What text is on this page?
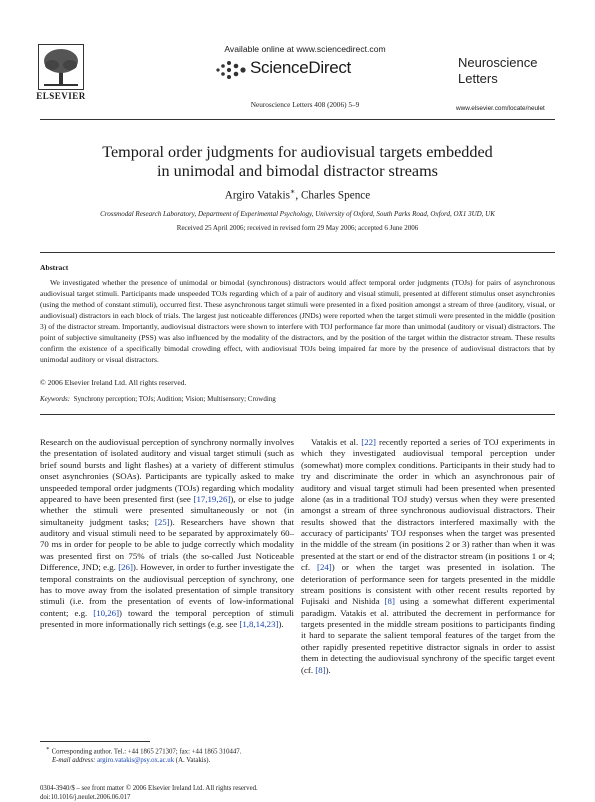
ELSEVIER
Available online at www.sciencedirect.com
ScienceDirect
Neuroscience Letters 408 (2006) 5–9
Neuroscience
Letters
www.elsevier.com/locate/neulet
Temporal order judgments for audiovisual targets embedded
in unimodal and bimodal distractor streams
Argiro Vatakis∗, Charles Spence
Crossmodal Research Laboratory, Department of Experimental Psychology, University of Oxford, South Parks Road, Oxford, OX1 3UD, UK
Received 25 April 2006; received in revised form 29 May 2006; accepted 6 June 2006
Abstract
We investigated whether the presence of unimodal or bimodal (synchronous) distractors would affect temporal order judgments (TOJs) for pairs of asynchronous audiovisual target stimuli. Participants made unspeeded TOJs regarding which of a pair of auditory and visual stimuli, presented at different stimulus onset asynchronies (using the method of constant stimuli), occurred first. These asynchronous target stimuli were presented in a fixed position amongst a stream of three (auditory, visual, or audiovisual) distractors in each block of trials. The largest just noticeable differences (JNDs) were reported when the target stimuli were presented in the middle (position 3) of the distractor stream. Importantly, audiovisual distractors were shown to interfere with TOJ performance far more than unimodal (auditory or visual) distractors. The point of subjective simultaneity (PSS) was also influenced by the modality of the distractors, and by the position of the target within the distractor stream. These results confirm the existence of a specifically bimodal crowding effect, with audiovisual TOJs being impaired far more by the presence of audiovisual distractors that by unimodal auditory or visual distractors.
© 2006 Elsevier Ireland Ltd. All rights reserved.
Keywords: Synchrony perception; TOJs; Audition; Vision; Multisensory; Crowding
Research on the audiovisual perception of synchrony normally involves the presentation of isolated auditory and visual target stimuli (such as brief sound bursts and light flashes) at a variety of different stimulus onset asynchronies (SOAs). Participants are typically asked to make unspeeded temporal order judgments (TOJs) regarding which modality appeared to have been presented first (see [17,19,26]), or else to judge whether the stimuli were presented simultaneously or not (in simultaneity judgment tasks; [25]). Researchers have shown that auditory and visual stimuli need to be separated by approximately 60–70 ms in order for people to be able to judge correctly which modality was presented first on 75% of trials (the so-called Just Noticeable Difference, JND; e.g. [26]). However, in order to further investigate the temporal constraints on the audiovisual perception of synchrony, one has to move away from the isolated presentation of simple transitory stimuli (i.e. from the presentation of events of low-informational content; e.g. [10,26]) toward the temporal perception of stimuli presented in more informationally rich settings (e.g. see [1,8,14,23]).
Vatakis et al. [22] recently reported a series of TOJ experiments in which they investigated audiovisual temporal perception under (somewhat) more complex conditions. Participants in their study had to try and discriminate the order in which an asynchronous pair of auditory and visual target stimuli had been presented when presented alone (as in a traditional TOJ study) versus when they were presented amongst a stream of three synchronous audiovisual distractors. Their results showed that the distractors interfered maximally with the accuracy of participants' TOJ responses when the target was presented in the middle of the stream (in positions 2 or 3) rather than when it was presented at the start or end of the distractor stream (in positions 1 or 4; cf. [24]) or when the target was presented in isolation. The deterioration of performance seen for targets presented in the middle stream positions is consistent with other recent results reported by Fujisaki and Nishida [8] using a somewhat different experimental paradigm. Vatakis et al. attributed the decrement in performance for targets presented in the middle stream positions to participants finding it hard to separate the salient temporal features of the target from the other rapidly presented repetitive distractor signals in order to assist them in detecting the audiovisual synchrony of the specific target event (cf. [8]).
∗ Corresponding author. Tel.: +44 1865 271307; fax: +44 1865 310447.
E-mail address: argiro.vatakis@psy.ox.ac.uk (A. Vatakis).
0304-3940/$ – see front matter © 2006 Elsevier Ireland Ltd. All rights reserved.
doi:10.1016/j.neulet.2006.06.017
